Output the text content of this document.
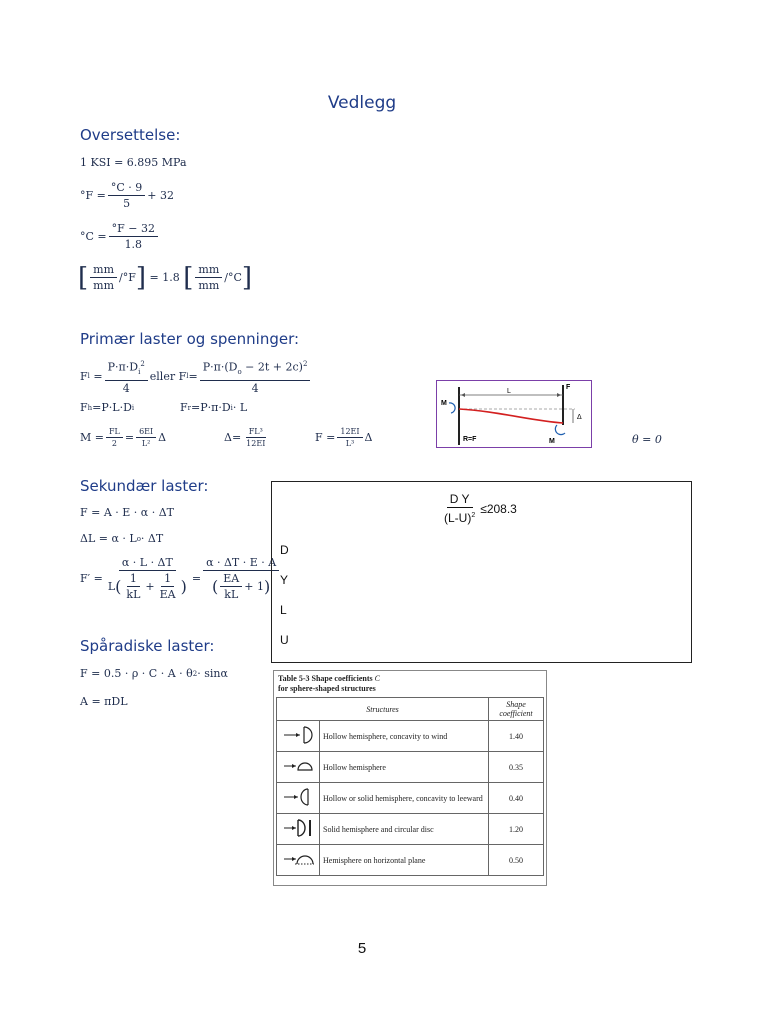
Vedlegg
Oversettelse:
1 KSI = 6.895 MPa
$^\circ F = \frac{^\circ C \cdot 9}{5} + 32$
$^\circ C = \frac{^\circ F - 32}{1.8}$
[ $\frac{mm}{mm} /^\circ F$ ]
= 1.8
[ $\frac{mm}{mm} /^\circ C$ ]
Primær laster og spenninger:
F $l = \frac{P\cdot\pi\cdot D_i^2}{4}$ eller F $l = \frac{P\cdot\pi\cdot(D_o - 2t + 2c)^2}{4}$
F h =P·L·D i	F r =P·π·D i · L
$M = \frac{FL}{2} = \frac{6EI}{\text{L²}}$ Δ	$\Delta= \frac{\text{FL³}}{12EI}$	$F = \frac{12EI}{\text{L³}}$ Δ	θ = 0
L
F
Δ
M
M
R=F
Sekundær laster:
F = A · E · α · ΔT
ΔL = α · L o · ΔT
$F' = \frac{\alpha \cdot L \cdot \Delta T}{L ( \frac{1}{kL} + \frac{1}{EA} )} = \frac{\alpha \cdot \Delta T \cdot E \cdot A}{( \frac{EA}{kL} + 1 )}$
$\frac{\text{D Y}}{(L-U)^2} \le 208.3$
D
Y
L
U
Spåradiske laster:
F = 0.5 · ρ · C · A · θ 2 · sinα
A = πDL
Table 5-3 Shape coefficients C
for sphere-shaped structures
Structures		Shape
coefficient
	Hollow hemisphere, concavity to wind	1.40
	Hollow hemisphere	0.35
	Hollow or solid hemisphere, concavity to leeward	0.40
	Solid hemisphere and circular disc	1.20
	Hemisphere on horizontal plane	0.50
5
